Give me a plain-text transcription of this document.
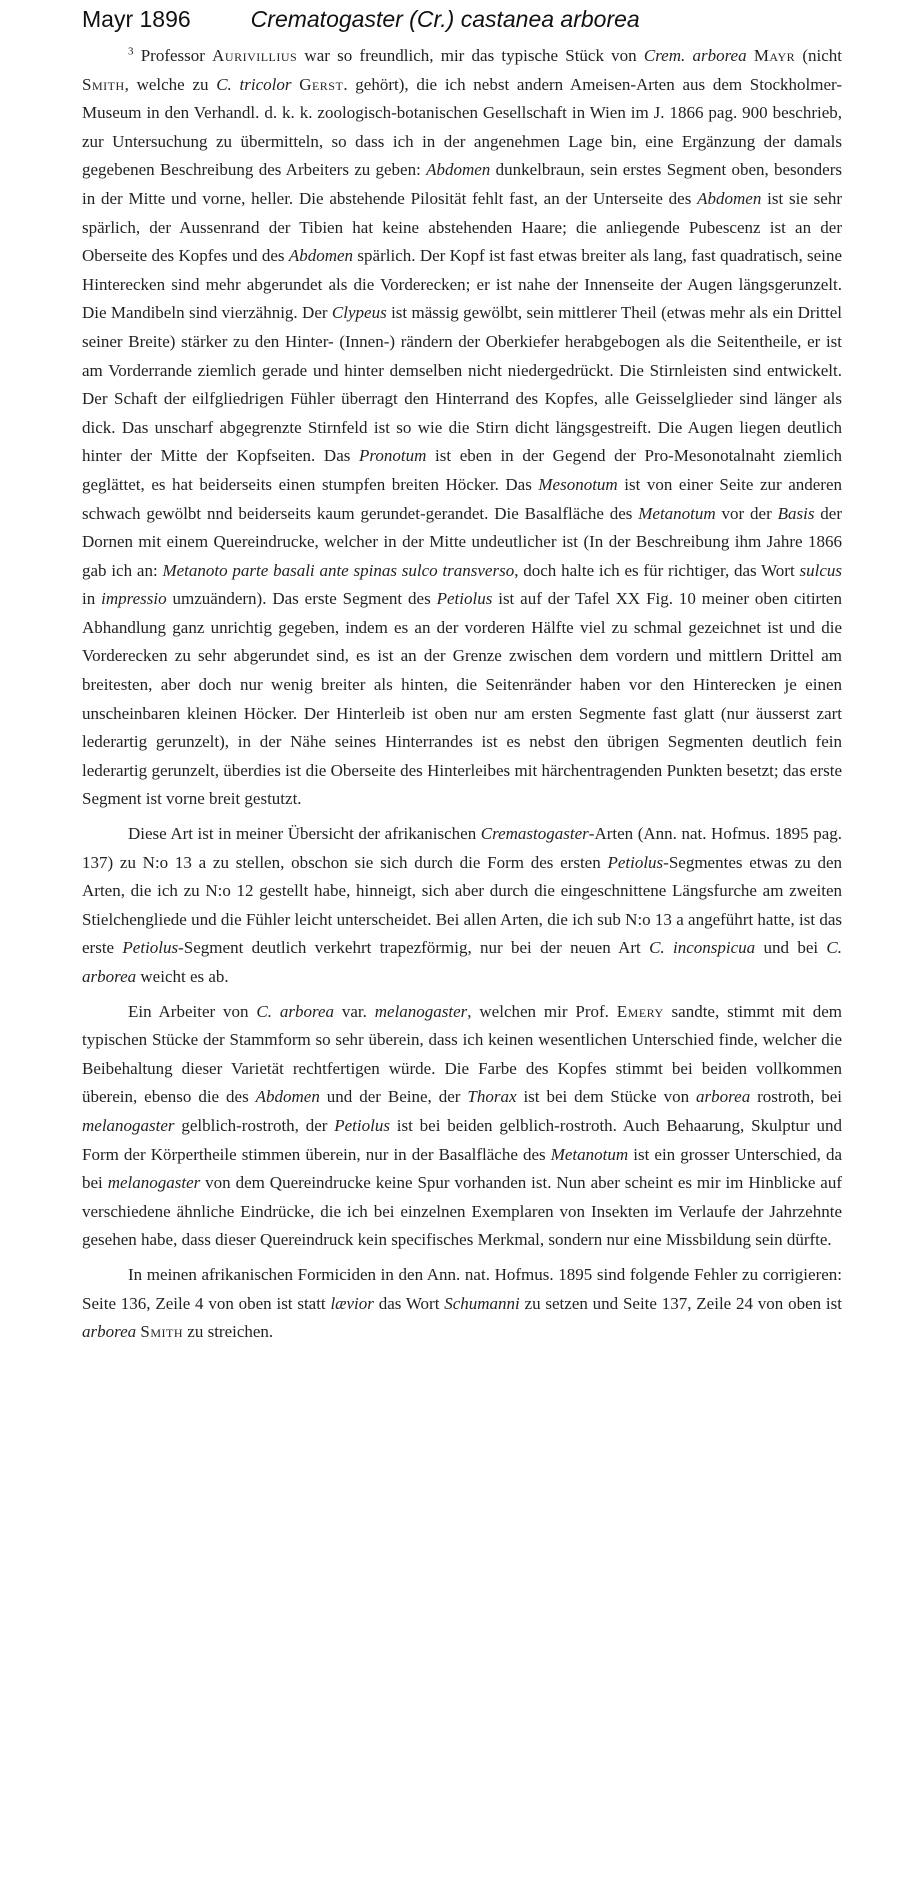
Mayr 1896	Crematogaster (Cr.) castanea arborea

$^3$ Professor Aurivillius war so freundlich, mir das typische Stück von Crem. arborea Mayr (nicht Smith, welche zu C. tricolor Gerst. gehört), die ich nebst andern Ameisen-Arten aus dem Stockholmer-Museum in den Verhandl. d. k. k. zoologisch-botanischen Gesellschaft in Wien im J. 1866 pag. 900 beschrieb, zur Untersuchung zu übermitteln, so dass ich in der angenehmen Lage bin, eine Ergänzung der damals gegebenen Beschreibung des Arbeiters zu geben: Abdomen dunkelbraun, sein erstes Segment oben, besonders in der Mitte und vorne, heller. Die abstehende Pilosität fehlt fast, an der Unterseite des Abdomen ist sie sehr spärlich, der Aussenrand der Tibien hat keine abstehenden Haare; die anliegende Pubescenz ist an der Oberseite des Kopfes und des Abdomen spärlich. Der Kopf ist fast etwas breiter als lang, fast quadratisch, seine Hinterecken sind mehr abgerundet als die Vorderecken; er ist nahe der Innenseite der Augen längsgerunzelt. Die Mandibeln sind vierzähnig. Der Clypeus ist mässig gewölbt, sein mittlerer Theil (etwas mehr als ein Drittel seiner Breite) stärker zu den Hinter- (Innen-) rändern der Oberkiefer herabgebogen als die Seitentheile, er ist am Vorderrande ziemlich gerade und hinter demselben nicht niedergedrückt. Die Stirnleisten sind entwickelt. Der Schaft der eilfgliedrigen Fühler überragt den Hinterrand des Kopfes, alle Geisselglieder sind länger als dick. Das unscharf abgegrenzte Stirnfeld ist so wie die Stirn dicht längsgestreift. Die Augen liegen deutlich hinter der Mitte der Kopfseiten. Das Pronotum ist eben in der Gegend der Pro-Mesonotalnaht ziemlich geglättet, es hat beiderseits einen stumpfen breiten Höcker. Das Mesonotum ist von einer Seite zur anderen schwach gewölbt nnd beiderseits kaum gerundet-gerandet. Die Basalfläche des Metanotum vor der Basis der Dornen mit einem Quereindrucke, welcher in der Mitte undeutlicher ist (In der Beschreibung ihm Jahre 1866 gab ich an: Metanoto parte basali ante spinas sulco transverso, doch halte ich es für richtiger, das Wort sulcus in impressio umzuändern). Das erste Segment des Petiolus ist auf der Tafel XX Fig. 10 meiner oben citirten Abhandlung ganz unrichtig gegeben, indem es an der vorderen Hälfte viel zu schmal gezeichnet ist und die Vorderecken zu sehr abgerundet sind, es ist an der Grenze zwischen dem vordern und mittlern Drittel am breitesten, aber doch nur wenig breiter als hinten, die Seitenränder haben vor den Hinterecken je einen unscheinbaren kleinen Höcker. Der Hinterleib ist oben nur am ersten Segmente fast glatt (nur äusserst zart lederartig gerunzelt), in der Nähe seines Hinterrandes ist es nebst den übrigen Segmenten deutlich fein lederartig gerunzelt, überdies ist die Oberseite des Hinterleibes mit härchentragenden Punkten besetzt; das erste Segment ist vorne breit gestutzt.

Diese Art ist in meiner Übersicht der afrikanischen Cremastogaster-Arten (Ann. nat. Hofmus. 1895 pag. 137) zu N:o 13 a zu stellen, obschon sie sich durch die Form des ersten Petiolus-Segmentes etwas zu den Arten, die ich zu N:o 12 gestellt habe, hinneigt, sich aber durch die eingeschnittene Längsfurche am zweiten Stielchengliede und die Fühler leicht unterscheidet. Bei allen Arten, die ich sub N:o 13 a angeführt hatte, ist das erste Petiolus-Segment deutlich verkehrt trapezförmig, nur bei der neuen Art C. inconspicua und bei C. arborea weicht es ab.

Ein Arbeiter von C. arborea var. melanogaster, welchen mir Prof. Emery sandte, stimmt mit dem typischen Stücke der Stammform so sehr überein, dass ich keinen wesentlichen Unterschied finde, welcher die Beibehaltung dieser Varietät rechtfertigen würde. Die Farbe des Kopfes stimmt bei beiden vollkommen überein, ebenso die des Abdomen und der Beine, der Thorax ist bei dem Stücke von arborea rostroth, bei melanogaster gelblich-rostroth, der Petiolus ist bei beiden gelblich-rostroth. Auch Behaarung, Skulptur und Form der Körpertheile stimmen überein, nur in der Basalfläche des Metanotum ist ein grosser Unterschied, da bei melanogaster von dem Quereindrucke keine Spur vorhanden ist. Nun aber scheint es mir im Hinblicke auf verschiedene ähnliche Eindrücke, die ich bei einzelnen Exemplaren von Insekten im Verlaufe der Jahrzehnte gesehen habe, dass dieser Quereindruck kein specifisches Merkmal, sondern nur eine Missbildung sein dürfte.

In meinen afrikanischen Formiciden in den Ann. nat. Hofmus. 1895 sind folgende Fehler zu corrigieren: Seite 136, Zeile 4 von oben ist statt lævior das Wort Schumanni zu setzen und Seite 137, Zeile 24 von oben ist arborea Smith zu streichen.
